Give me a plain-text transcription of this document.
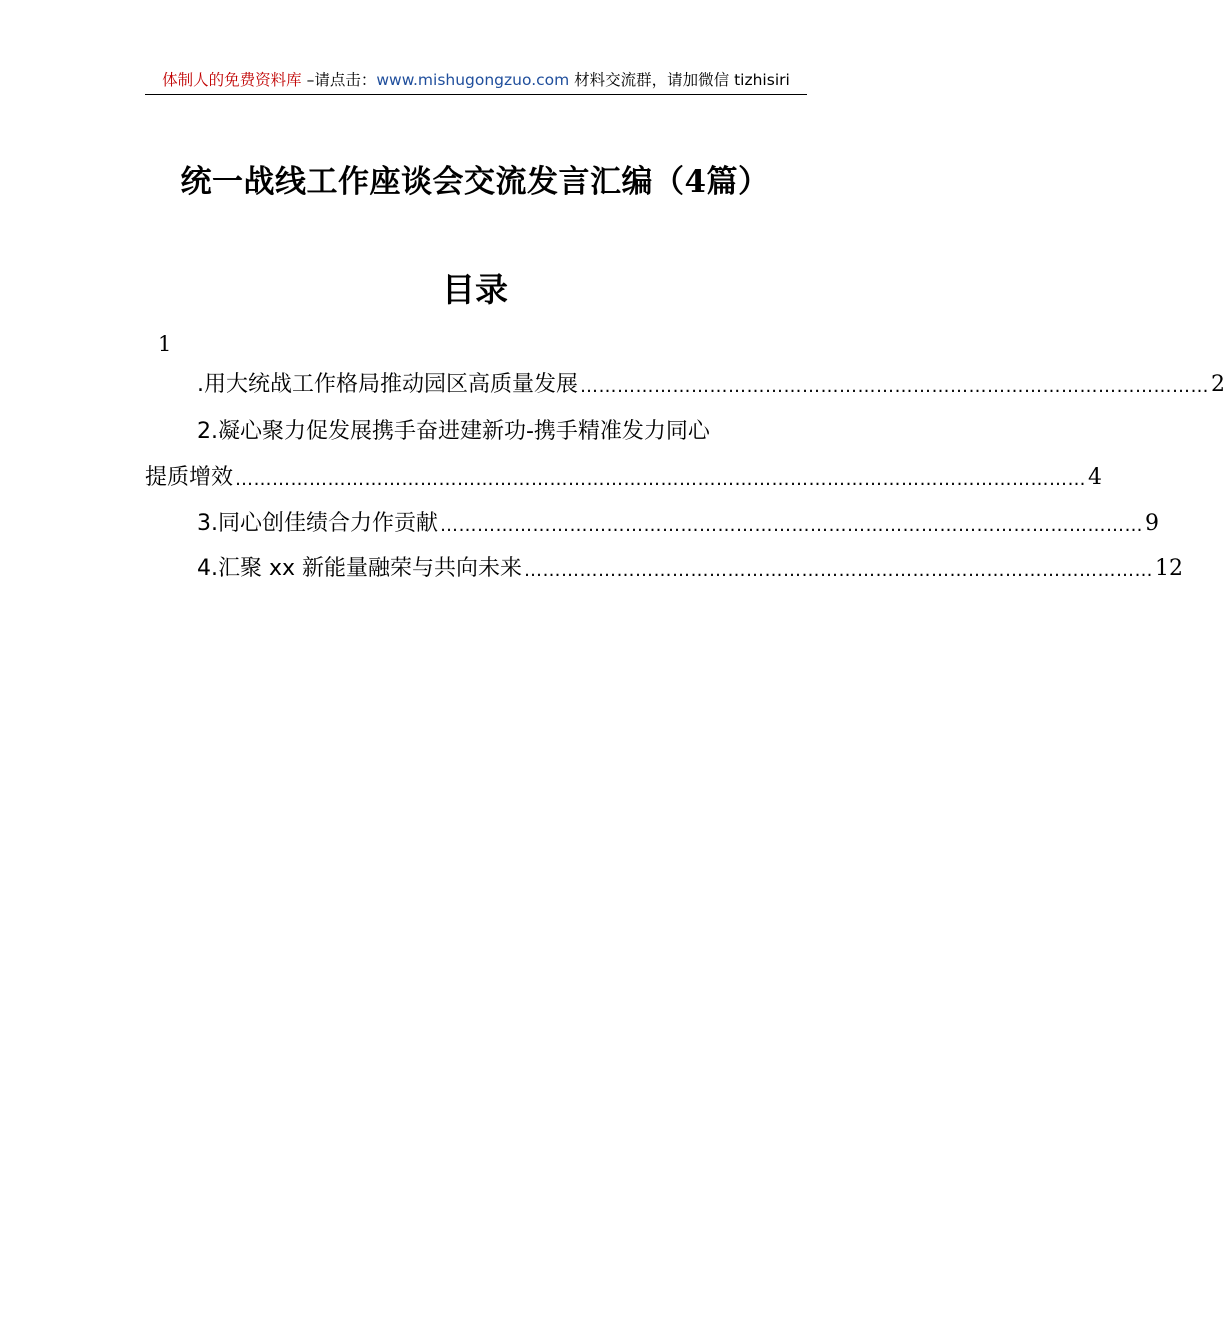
体制人的免费资料库 –请点击：www.mishugongzuo.com 材料交流群，请加微信 tizhisiri
统一战线工作座谈会交流发言汇编（4篇）
目录
1
.用大统战工作格局推动园区高质量发展 ………………………………………………………………………………………… 2
2.凝心聚力促发展携手奋进建新功-携手精准发力同心
提质增效 ………………………………………………………………………………………………………………………… 4
3.同心创佳绩合力作贡献 …………………………………………………………………………………………………… 9
4.汇聚 xx 新能量融荣与共向未来 ………………………………………………………………………………………… 12
